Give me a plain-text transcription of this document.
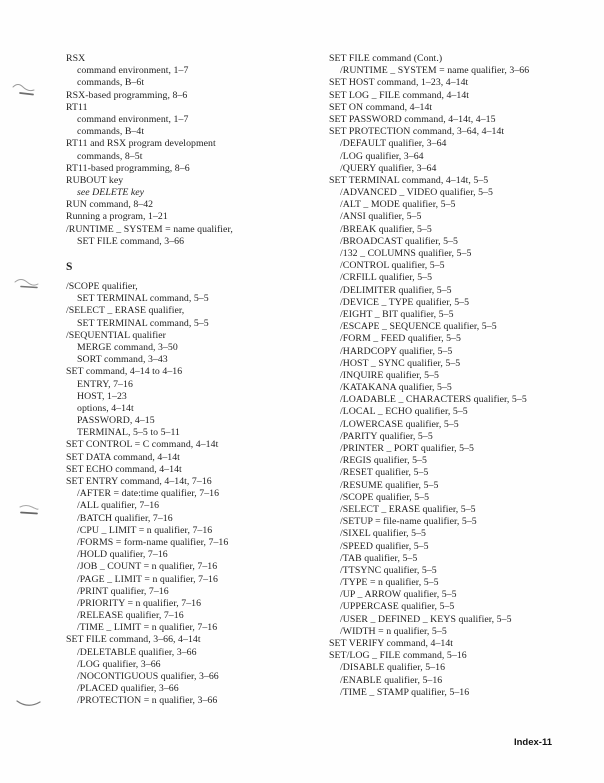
RSX
command environment, 1–7
commands, B–6t
RSX-based programming, 8–6
RT11
command environment, 1–7
commands, B–4t
RT11 and RSX program development
commands, 8–5t
RT11-based programming, 8–6
RUBOUT key
see DELETE key
RUN command, 8–42
Running a program, 1–21
/RUNTIME _ SYSTEM = name qualifier,
SET FILE command, 3–66
S
/SCOPE qualifier,
SET TERMINAL command, 5–5
/SELECT _ ERASE qualifier,
SET TERMINAL command, 5–5
/SEQUENTIAL qualifier
MERGE command, 3–50
SORT command, 3–43
SET command, 4–14 to 4–16
ENTRY, 7–16
HOST, 1–23
options, 4–14t
PASSWORD, 4–15
TERMINAL, 5–5 to 5–11
SET CONTROL = C command, 4–14t
SET DATA command, 4–14t
SET ECHO command, 4–14t
SET ENTRY command, 4–14t, 7–16
/AFTER = date:time qualifier, 7–16
/ALL qualifier, 7–16
/BATCH qualifier, 7–16
/CPU _ LIMIT = n qualifier, 7–16
/FORMS = form-name qualifier, 7–16
/HOLD qualifier, 7–16
/JOB _ COUNT = n qualifier, 7–16
/PAGE _ LIMIT = n qualifier, 7–16
/PRINT qualifier, 7–16
/PRIORITY = n qualifier, 7–16
/RELEASE qualifier, 7–16
/TIME _ LIMIT = n qualifier, 7–16
SET FILE command, 3–66, 4–14t
/DELETABLE qualifier, 3–66
/LOG qualifier, 3–66
/NOCONTIGUOUS qualifier, 3–66
/PLACED qualifier, 3–66
/PROTECTION = n qualifier, 3–66
SET FILE command (Cont.)
/RUNTIME _ SYSTEM = name qualifier, 3–66
SET HOST command, 1–23, 4–14t
SET LOG _ FILE command, 4–14t
SET ON command, 4–14t
SET PASSWORD command, 4–14t, 4–15
SET PROTECTION command, 3–64, 4–14t
/DEFAULT qualifier, 3–64
/LOG qualifier, 3–64
/QUERY qualifier, 3–64
SET TERMINAL command, 4–14t, 5–5
/ADVANCED _ VIDEO qualifier, 5–5
/ALT _ MODE qualifier, 5–5
/ANSI qualifier, 5–5
/BREAK qualifier, 5–5
/BROADCAST qualifier, 5–5
/132 _ COLUMNS qualifier, 5–5
/CONTROL qualifier, 5–5
/CRFILL qualifier, 5–5
/DELIMITER qualifier, 5–5
/DEVICE _ TYPE qualifier, 5–5
/EIGHT _ BIT qualifier, 5–5
/ESCAPE _ SEQUENCE qualifier, 5–5
/FORM _ FEED qualifier, 5–5
/HARDCOPY qualifier, 5–5
/HOST _ SYNC qualifier, 5–5
/INQUIRE qualifier, 5–5
/KATAKANA qualifier, 5–5
/LOADABLE _ CHARACTERS qualifier, 5–5
/LOCAL _ ECHO qualifier, 5–5
/LOWERCASE qualifier, 5–5
/PARITY qualifier, 5–5
/PRINTER _ PORT qualifier, 5–5
/REGIS qualifier, 5–5
/RESET qualifier, 5–5
/RESUME qualifier, 5–5
/SCOPE qualifier, 5–5
/SELECT _ ERASE qualifier, 5–5
/SETUP = file-name qualifier, 5–5
/SIXEL qualifier, 5–5
/SPEED qualifier, 5–5
/TAB qualifier, 5–5
/TTSYNC qualifier, 5–5
/TYPE = n qualifier, 5–5
/UP _ ARROW qualifier, 5–5
/UPPERCASE qualifier, 5–5
/USER _ DEFINED _ KEYS qualifier, 5–5
/WIDTH = n qualifier, 5–5
SET VERIFY command, 4–14t
SET/LOG _ FILE command, 5–16
/DISABLE qualifier, 5–16
/ENABLE qualifier, 5–16
/TIME _ STAMP qualifier, 5–16
Index-11
